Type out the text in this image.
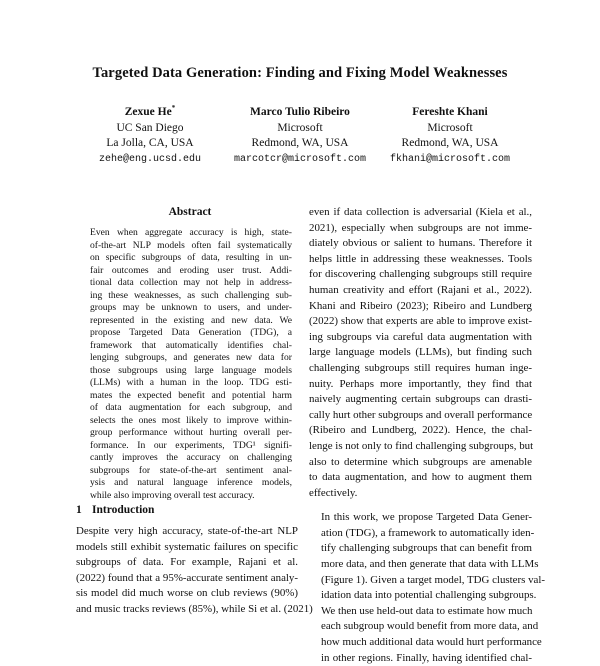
Targeted Data Generation: Finding and Fixing Model Weaknesses
Zexue He*
UC San Diego
La Jolla, CA, USA
zehe@eng.ucsd.edu
Marco Tulio Ribeiro
Microsoft
Redmond, WA, USA
marcotcr@microsoft.com
Fereshte Khani
Microsoft
Redmond, WA, USA
fkhani@microsoft.com
Abstract
Even when aggregate accuracy is high, state-
of-the-art NLP models often fail systematically
on specific subgroups of data, resulting in un-
fair outcomes and eroding user trust. Addi-
tional data collection may not help in address-
ing these weaknesses, as such challenging sub-
groups may be unknown to users, and under-
represented in the existing and new data. We
propose Targeted Data Generation (TDG), a
framework that automatically identifies chal-
lenging subgroups, and generates new data for
those subgroups using large language models
(LLMs) with a human in the loop. TDG esti-
mates the expected benefit and potential harm
of data augmentation for each subgroup, and
selects the ones most likely to improve within-
group performance without hurting overall per-
formance. In our experiments, TDG¹ signifi-
cantly improves the accuracy on challenging
subgroups for state-of-the-art sentiment anal-
ysis and natural language inference models,
while also improving overall test accuracy.
1 Introduction
Despite very high accuracy, state-of-the-art NLP
models still exhibit systematic failures on specific
subgroups of data. For example, Rajani et al.
(2022) found that a 95%-accurate sentiment analy-
sis model did much worse on club reviews (90%)
and music tracks reviews (85%), while Si et al. (2021)

even if data collection is adversarial (Kiela et al.,
2021), especially when subgroups are not imme-
diately obvious or salient to humans. Therefore it
helps little in addressing these weaknesses. Tools
for discovering challenging subgroups still require
human creativity and effort (Rajani et al., 2022).
Khani and Ribeiro (2023); Ribeiro and Lundberg
(2022) show that experts are able to improve exist-
ing subgroups via careful data augmentation with
large language models (LLMs), but finding such
challenging subgroups still requires human inge-
nuity. Perhaps more importantly, they find that
naively augmenting certain subgroups can drasti-
cally hurt other subgroups and overall performance
(Ribeiro and Lundberg, 2022). Hence, the chal-
lenge is not only to find challenging subgroups, but
also to determine which subgroups are amenable
to data augmentation, and how to augment them
effectively.

In this work, we propose Targeted Data Gener-
ation (TDG), a framework to automatically iden-
tify challenging subgroups that can benefit from
more data, and then generate that data with LLMs
(Figure 1). Given a target model, TDG clusters val-
idation data into potential challenging subgroups.
We then use held-out data to estimate how much
each subgroup would benefit from more data, and
how much additional data would hurt performance
in other regions. Finally, having identified chal-
